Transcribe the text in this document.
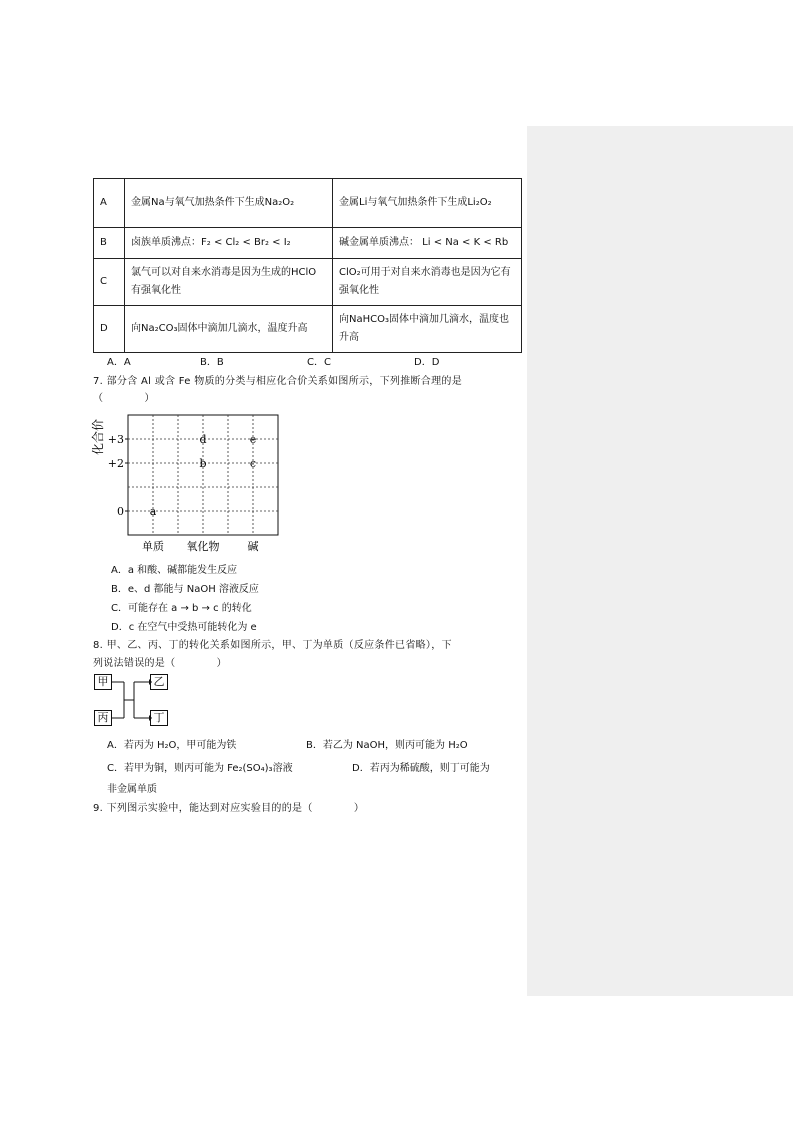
A	金属Na与氧气加热条件下生成Na₂O₂	金属Li与氧气加热条件下生成Li₂O₂
B	卤族单质沸点：F₂ < Cl₂ < Br₂ < I₂	碱金属单质沸点： Li < Na < K < Rb
C	氯气可以对自来水消毒是因为生成的HClO有强氧化性	ClO₂可用于对自来水消毒也是因为它有强氧化性
D	向Na₂CO₃固体中滴加几滴水，温度升高	向NaHCO₃固体中滴加几滴水，温度也升高
A．A	B．B	C．C	D．D
7. 部分含 Al 或含 Fe 物质的分类与相应化合价关系如图所示，下列推断合理的是
（　　　　）
化合价 +3
+2
0
单质 氧化物	碱
a
b
d
c
e
A．a 和酸、碱都能发生反应
B．e、d 都能与 NaOH 溶液反应
C．可能存在 a → b → c 的转化
D．c 在空气中受热可能转化为 e
8. 甲、乙、丙、丁的转化关系如图所示，甲、丁为单质（反应条件已省略），下
列说法错误的是（　　　　）
甲
丙
乙
丁
A．若丙为 H₂O，甲可能为铁	B．若乙为 NaOH，则丙可能为 H₂O
C．若甲为铜，则丙可能为 Fe₂(SO₄)₃溶液	D．若丙为稀硫酸，则丁可能为
非金属单质
9. 下列图示实验中，能达到对应实验目的的是（　　　　）
